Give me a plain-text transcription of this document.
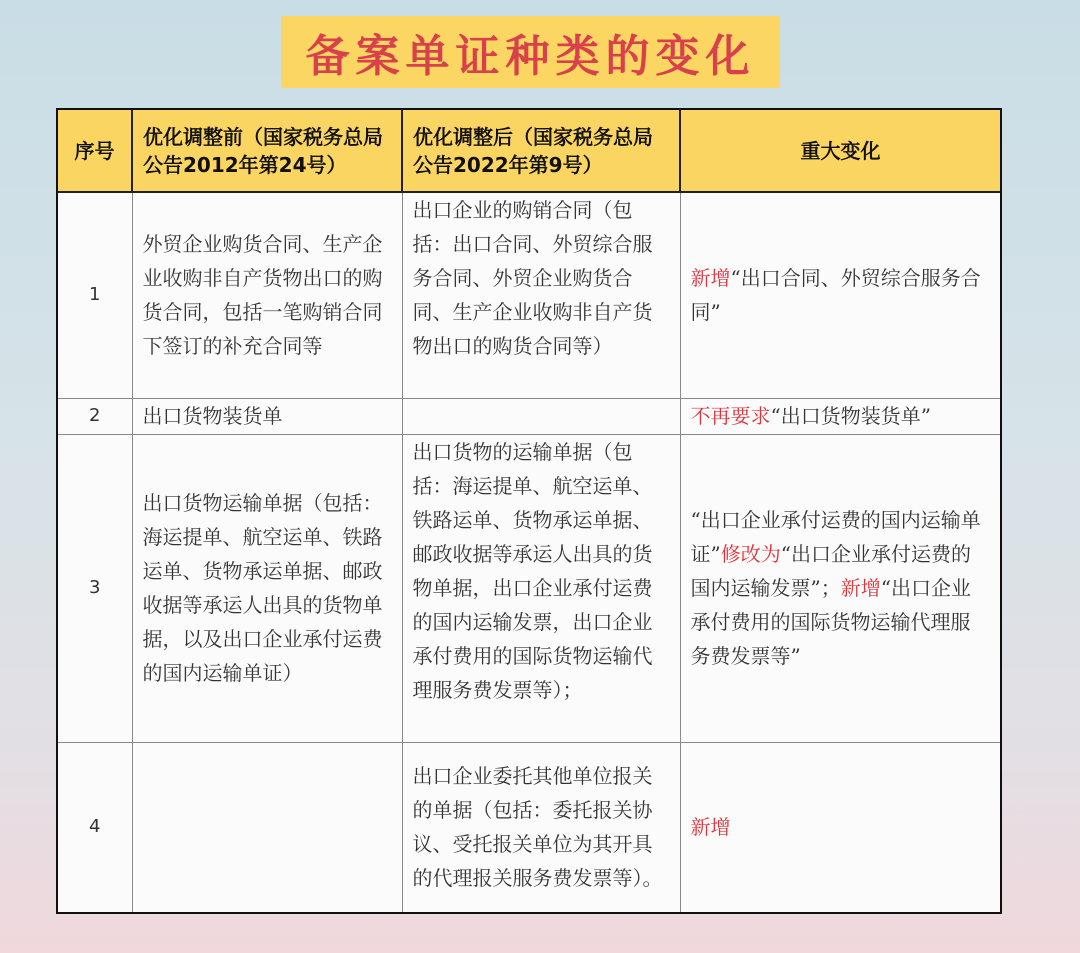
备案单证种类的变化
序号	优化调整前（国家税务总局公告2012年第24号）	优化调整后（国家税务总局公告2022年第9号）	重大变化
1	外贸企业购货合同、生产企业收购非自产货物出口的购货合同，包括一笔购销合同下签订的补充合同等	出口企业的购销合同（包括：出口合同、外贸综合服务合同、外贸企业购货合同、生产企业收购非自产货物出口的购货合同等）	新增“出口合同、外贸综合服务合同”
2	出口货物装货单		不再要求“出口货物装货单”
3	出口货物运输单据（包括：海运提单、航空运单、铁路运单、货物承运单据、邮政收据等承运人出具的货物单据，以及出口企业承付运费的国内运输单证）	出口货物的运输单据（包括：海运提单、航空运单、铁路运单、货物承运单据、邮政收据等承运人出具的货物单据，出口企业承付运费的国内运输发票，出口企业承付费用的国际货物运输代理服务费发票等）；	“出口企业承付运费的国内运输单证”修改为“出口企业承付运费的国内运输发票”；新增“出口企业承付费用的国际货物运输代理服务费发票等”
4		出口企业委托其他单位报关的单据（包括：委托报关协议、受托报关单位为其开具的代理报关服务费发票等）。	新增
